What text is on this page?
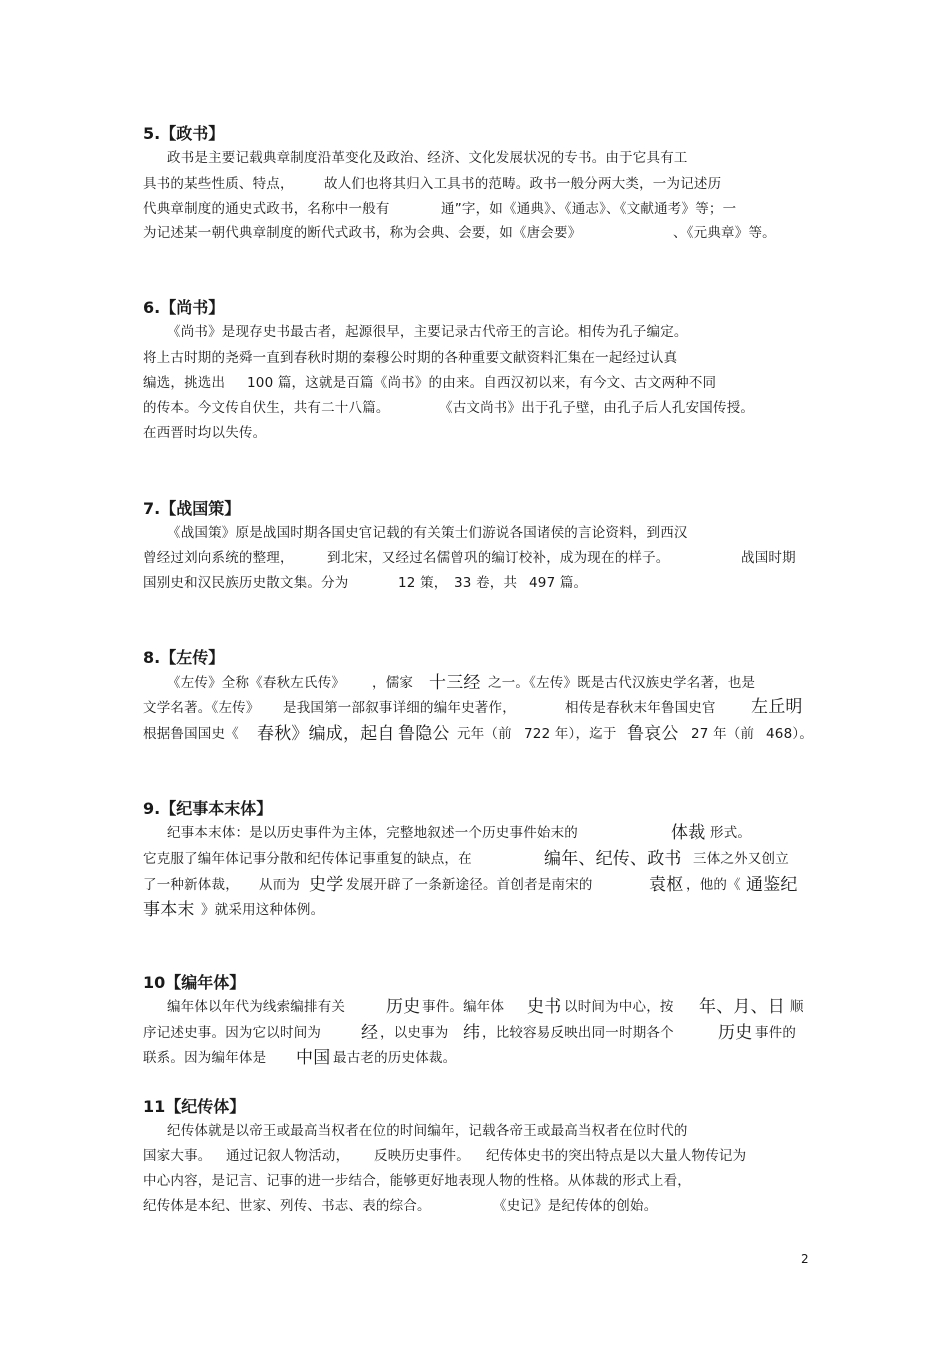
5.【政书】
政书是主要记载典章制度沿革变化及政治、经济、文化发展状况的专书。由于它具有工
具书的某些性质、特点， 故人们也将其归入工具书的范畴。政书一般分两大类，一为记述历
代典章制度的通史式政书，名称中一般有	通”字，如《通典》、《通志》、《文献通考》等；一
为记述某一朝代典章制度的断代式政书，称为会典、会要，如《唐会要》	、《元典章》等。
6.【尚书】
《尚书》是现存史书最古者，起源很早，主要记录古代帝王的言论。相传为孔子编定。
将上古时期的尧舜一直到春秋时期的秦穆公时期的各种重要文献资料汇集在一起经过认真
编选，挑选出 100 篇，这就是百篇《尚书》的由来。自西汉初以来，有今文、古文两种不同
的传本。今文传自伏生，共有二十八篇。	《古文尚书》出于孔子壁，由孔子后人孔安国传授。
在西晋时均以失传。
7.【战国策】
《战国策》原是战国时期各国史官记载的有关策士们游说各国诸侯的言论资料，到西汉
曾经过刘向系统的整理， 到北宋，又经过名儒曾巩的编订校补，成为现在的样子。	战国时期
国别史和汉民族历史散文集。分为	12 策， 33 卷，共 497 篇。
8.【左传】
《左传》全称《春秋左氏传》 ，儒家 十三经 之一。《左传》既是古代汉族史学名著，也是
文学名著。《左传》 是我国第一部叙事详细的编年史著作，	相传是春秋末年鲁国史官 左丘明
根据鲁国国史《 春秋》编成，起自 鲁隐公 元年（前 722 年），迄于 鲁哀公 27 年（前 468）。
9.【纪事本末体】
纪事本末体：是以历史事件为主体，完整地叙述一个历史事件始末的	体裁 形式。
它克服了编年体记事分散和纪传体记事重复的缺点，在	编年、纪传、政书 三体之外又创立
了一种新体裁， 从而为 史学 发展开辟了一条新途径。首创者是南宋的	袁枢 ，他的《 通鉴纪
事本末 》就采用这种体例。
10【编年体】
编年体以年代为线索编排有关 历史 事件。编年体 史书 以时间为中心，按 年、月、日 顺
序记述史事。因为它以时间为 经 ，以史事为 纬 ，比较容易反映出同一时期各个	历史 事件的
联系。因为编年体是 中国 最古老的历史体裁。
11【纪传体】
纪传体就是以帝王或最高当权者在位的时间编年，记载各帝王或最高当权者在位时代的
国家大事。 通过记叙人物活动， 反映历史事件。 纪传体史书的突出特点是以大量人物传记为
中心内容，是记言、记事的进一步结合，能够更好地表现人物的性格。从体裁的形式上看，
纪传体是本纪、世家、列传、书志、表的综合。	《史记》是纪传体的创始。
2
